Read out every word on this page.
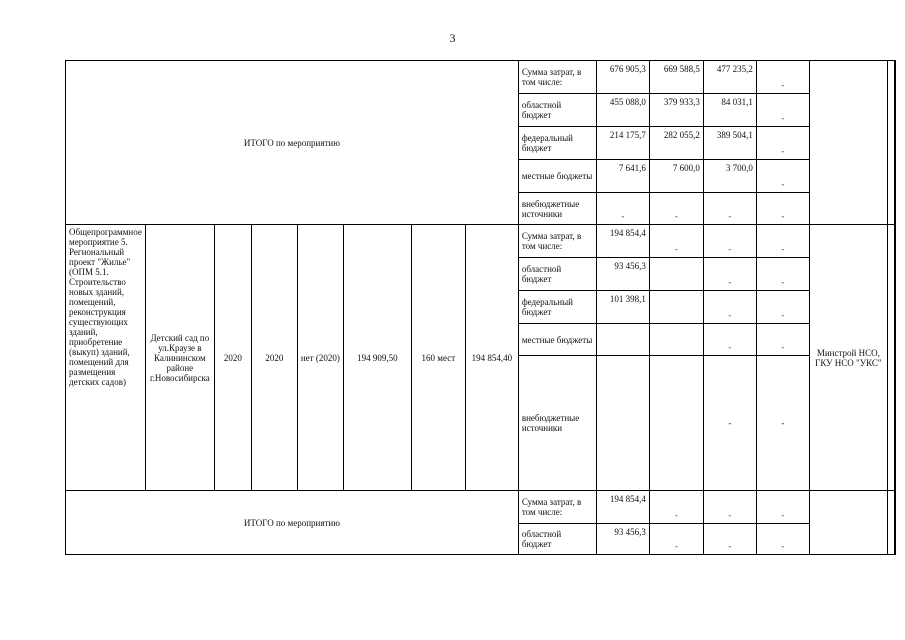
3
ИТОГО по мероприятию								Сумма затрат, в том числе:	676 905,3	669 588,5	477 235,2	-		
								областной бюджет	455 088,0	379 933,3	84 031,1	-		
								федеральный бюджет	214 175,7	282 055,2	389 504,1	-		
								местные бюджеты	7 641,6	7 600,0	3 700,0	-		
								внебюджетные источники	-	-	-	-		
Общепрограммное мероприятие 5. Региональный проект "Жилье" (ОПМ 5.1. Строительство новых зданий, помещений, реконструкция существующих зданий, приобретение (выкуп) зданий, помещений для размещения детских садов)	Детский сад по ул.Краузе в Калининском районе г.Новосибирска	2020	2020	нет (2020)	194 909,50	160 мест	194 854,40	Сумма затрат, в том числе:	194 854,4	-	-	-	Минстрой НСО, ГКУ НСО "УКС"	
								областной бюджет	93 456,3		-	-		
								федеральный бюджет	101 398,1		-	-		
								местные бюджеты			-	-		
								внебюджетные источники			-	-		
ИТОГО по мероприятию								Сумма затрат, в том числе:	194 854,4	-	-	-		
								областной бюджет	93 456,3	-	-	-		
